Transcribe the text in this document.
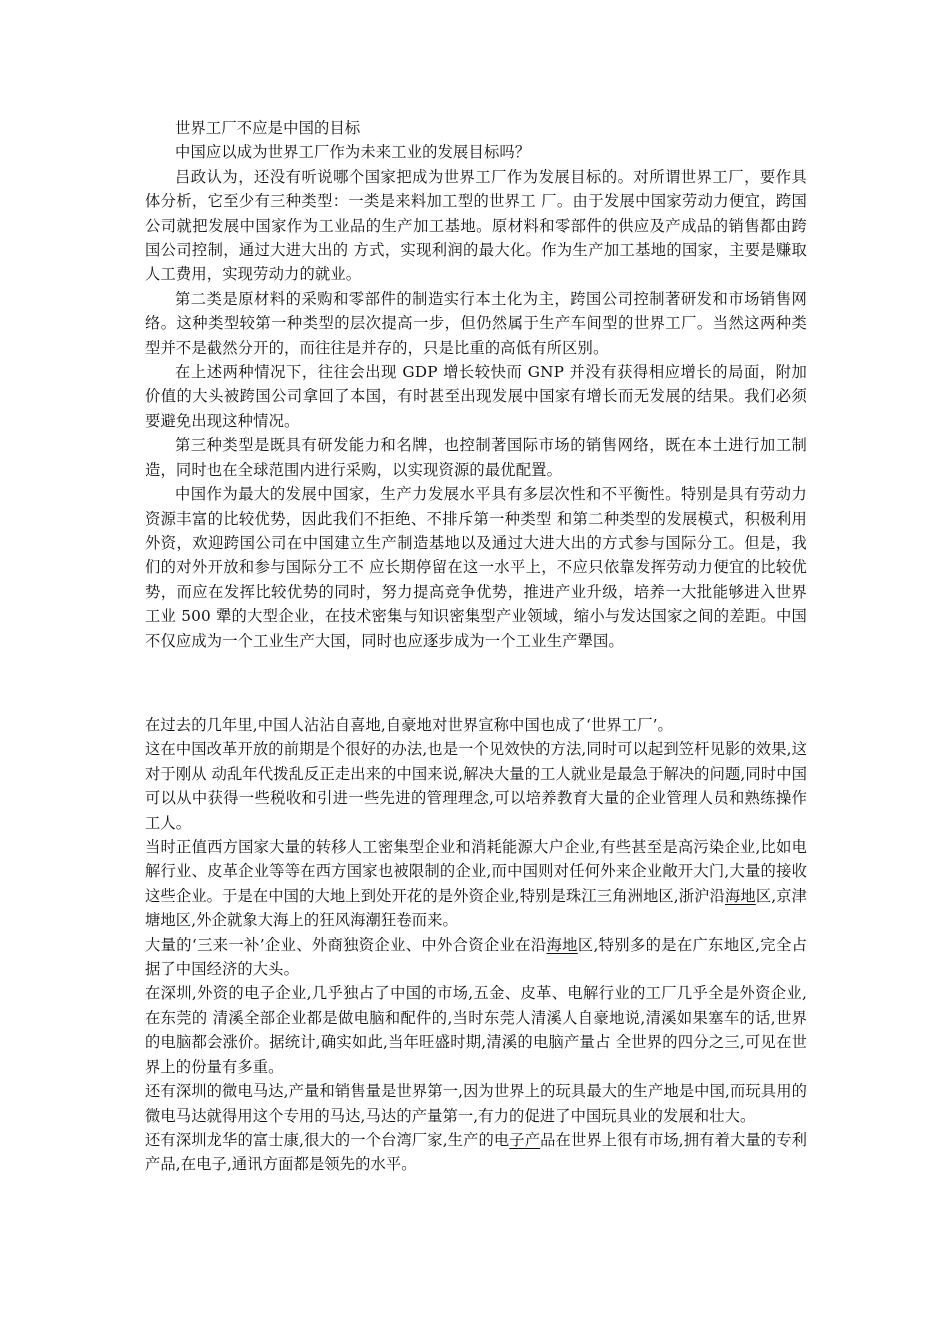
世界工厂不应是中国的目标

中国应以成为世界工厂作为未来工业的发展目标吗？

吕政认为，还没有听说哪个国家把成为世界工厂作为发展目标的。对所谓世界工厂，要作具体分析，它至少有三种类型：一类是来料加工型的世界工 厂。由于发展中国家劳动力便宜，跨国公司就把发展中国家作为工业品的生产加工基地。原材料和零部件的供应及产成品的销售都由跨国公司控制，通过大进大出的 方式，实现利润的最大化。作为生产加工基地的国家，主要是赚取人工费用，实现劳动力的就业。

第二类是原材料的采购和零部件的制造实行本土化为主，跨国公司控制著研发和市场销售网络。这种类型较第一种类型的层次提高一步，但仍然属于生产车间型的世界工厂。当然这两种类型并不是截然分开的，而往往是并存的，只是比重的高低有所区别。

在上述两种情况下，往往会出现 GDP 增长较快而 GNP 并没有获得相应增长的局面，附加价值的大头被跨国公司拿回了本国，有时甚至出现发展中国家有增长而无发展的结果。我们必须要避免出现这种情况。

第三种类型是既具有研发能力和名牌，也控制著国际市场的销售网络，既在本土进行加工制造，同时也在全球范围内进行采购，以实现资源的最优配置。

中国作为最大的发展中国家，生产力发展水平具有多层次性和不平衡性。特别是具有劳动力资源丰富的比较优势，因此我们不拒绝、不排斥第一种类型 和第二种类型的发展模式，积极利用外资，欢迎跨国公司在中国建立生产制造基地以及通过大进大出的方式参与国际分工。但是，我们的对外开放和参与国际分工不 应长期停留在这一水平上，不应只依靠发挥劳动力便宜的比较优势，而应在发挥比较优势的同时，努力提高竞争优势，推进产业升级，培养一大批能够进入世界工业 500 犟的大型企业，在技术密集与知识密集型产业领域，缩小与发达国家之间的差距。中国不仅应成为一个工业生产大国，同时也应逐步成为一个工业生产犟国。

在过去的几年里,中国人沾沾自喜地,自豪地对世界宣称中国也成了‘世界工厂’。

这在中国改革开放的前期是个很好的办法,也是一个见效快的方法,同时可以起到笠杆见影的效果,这对于刚从 动乱年代拨乱反正走出来的中国来说,解决大量的工人就业是最急于解决的问题,同时中国可以从中获得一些税收和引进一些先进的管理理念,可以培养教育大量的企业管理人员和熟练操作工人。

当时正值西方国家大量的转移人工密集型企业和消耗能源大户企业,有些甚至是高污染企业,比如电解行业、皮革企业等等在西方国家也被限制的企业,而中国则对任何外来企业敞开大门,大量的接收这些企业。于是在中国的大地上到处开花的是外资企业,特别是珠江三角洲地区,浙沪沿海地区,京津塘地区,外企就象大海上的狂风海潮狂卷而来。

大量的‘三来一补’企业、外商独资企业、中外合资企业在沿海地区,特别多的是在广东地区,完全占据了中国经济的大头。

在深圳,外资的电子企业,几乎独占了中国的市场,五金、皮革、电解行业的工厂几乎全是外资企业,在东莞的 清溪全部企业都是做电脑和配件的,当时东莞人清溪人自豪地说,清溪如果塞车的话,世界的电脑都会涨价。据统计,确实如此,当年旺盛时期,清溪的电脑产量占 全世界的四分之三,可见在世界上的份量有多重。

还有深圳的微电马达,产量和销售量是世界第一,因为世界上的玩具最大的生产地是中国,而玩具用的微电马达就得用这个专用的马达,马达的产量第一,有力的促进了中国玩具业的发展和壮大。

还有深圳龙华的富士康,很大的一个台湾厂家,生产的电子产品在世界上很有市场,拥有着大量的专利产品,在电子,通讯方面都是领先的水平。
